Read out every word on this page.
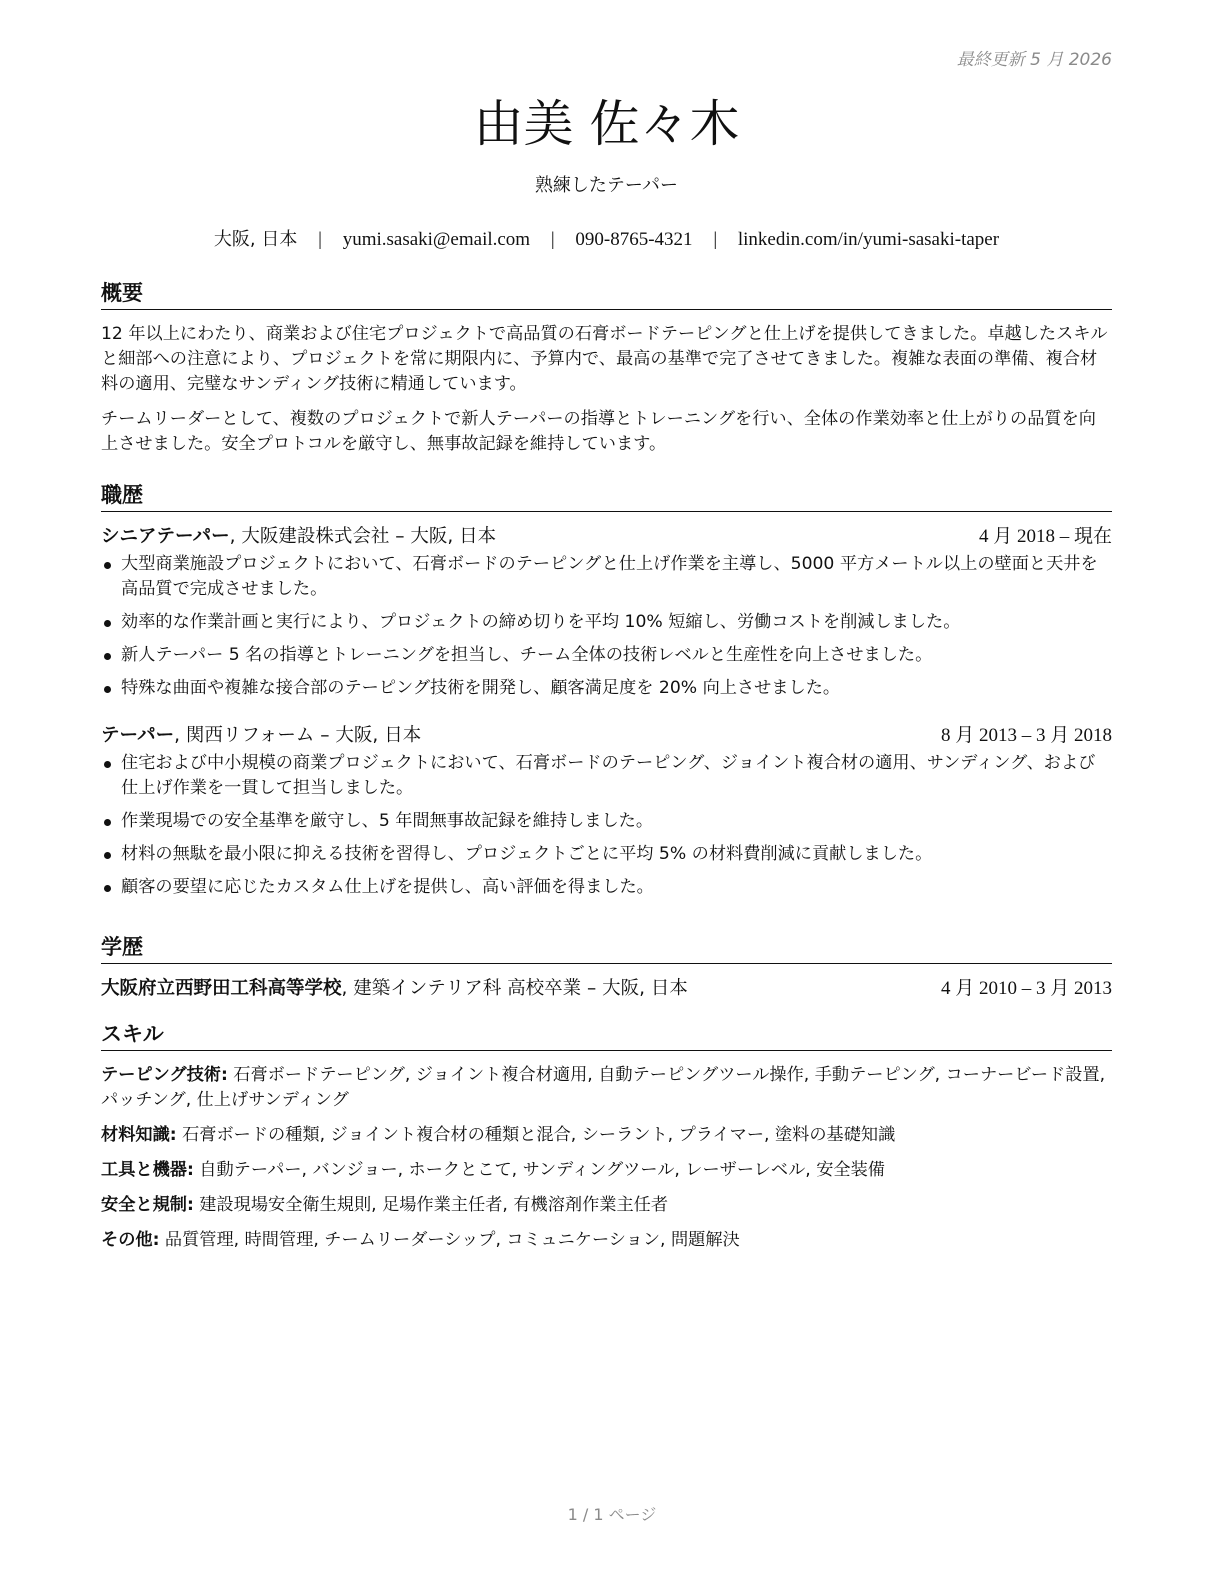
最終更新 5 月 2026
由美 佐々木
熟練したテーパー
大阪, 日本 | yumi.sasaki@email.com | 090-8765-4321 | linkedin.com/in/yumi-sasaki-taper
概要

12 年以上にわたり、商業および住宅プロジェクトで高品質の石膏ボードテーピングと仕上げを提供してきました。卓越したスキルと細部への注意により、プロジェクトを常に期限内に、予算内で、最高の基準で完了させてきました。複雑な表面の準備、複合材料の適用、完璧なサンディング技術に精通しています。

チームリーダーとして、複数のプロジェクトで新人テーパーの指導とトレーニングを行い、全体の作業効率と仕上がりの品質を向上させました。安全プロトコルを厳守し、無事故記録を維持しています。

職歴
シニアテーパー, 大阪建設株式会社 – 大阪, 日本	4 月 2018 – 現在
大型商業施設プロジェクトにおいて、石膏ボードのテーピングと仕上げ作業を主導し、5000 平方メートル以上の壁面と天井を高品質で完成させました。
効率的な作業計画と実行により、プロジェクトの締め切りを平均 10% 短縮し、労働コストを削減しました。
新人テーパー 5 名の指導とトレーニングを担当し、チーム全体の技術レベルと生産性を向上させました。
特殊な曲面や複雑な接合部のテーピング技術を開発し、顧客満足度を 20% 向上させました。
テーパー, 関西リフォーム – 大阪, 日本	8 月 2013 – 3 月 2018
住宅および中小規模の商業プロジェクトにおいて、石膏ボードのテーピング、ジョイント複合材の適用、サンディング、および仕上げ作業を一貫して担当しました。
作業現場での安全基準を厳守し、5 年間無事故記録を維持しました。
材料の無駄を最小限に抑える技術を習得し、プロジェクトごとに平均 5% の材料費削減に貢献しました。
顧客の要望に応じたカスタム仕上げを提供し、高い評価を得ました。
学歴
大阪府立西野田工科高等学校, 建築インテリア科 高校卒業 – 大阪, 日本	4 月 2010 – 3 月 2013
スキル
テーピング技術: 石膏ボードテーピング, ジョイント複合材適用, 自動テーピングツール操作, 手動テーピング, コーナービード設置, パッチング, 仕上げサンディング
材料知識: 石膏ボードの種類, ジョイント複合材の種類と混合, シーラント, プライマー, 塗料の基礎知識
工具と機器: 自動テーパー, バンジョー, ホークとこて, サンディングツール, レーザーレベル, 安全装備
安全と規制: 建設現場安全衛生規則, 足場作業主任者, 有機溶剤作業主任者
その他: 品質管理, 時間管理, チームリーダーシップ, コミュニケーション, 問題解決
1 / 1 ページ
